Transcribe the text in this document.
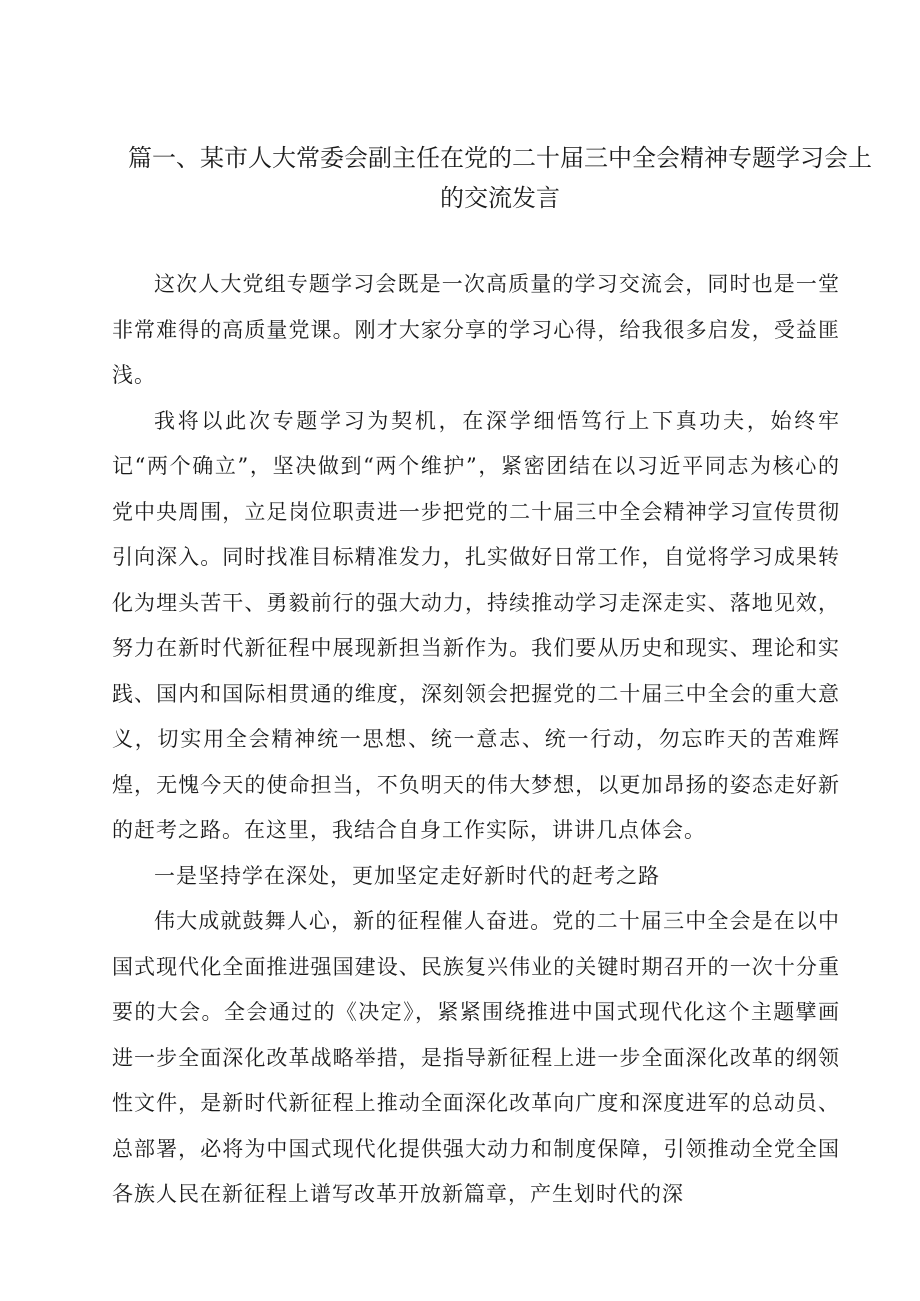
篇一、某市人大常委会副主任在党的二十届三中全会精神专题学习会上的交流发言

这次人大党组专题学习会既是一次高质量的学习交流会，同时也是一堂非常难得的高质量党课。刚才大家分享的学习心得，给我很多启发，受益匪浅。

我将以此次专题学习为契机，在深学细悟笃行上下真功夫，始终牢记“两个确立”，坚决做到“两个维护”，紧密团结在以习近平同志为核心的党中央周围，立足岗位职责进一步把党的二十届三中全会精神学习宣传贯彻引向深入。同时找准目标精准发力，扎实做好日常工作，自觉将学习成果转化为埋头苦干、勇毅前行的强大动力，持续推动学习走深走实、落地见效，努力在新时代新征程中展现新担当新作为。我们要从历史和现实、理论和实践、国内和国际相贯通的维度，深刻领会把握党的二十届三中全会的重大意义，切实用全会精神统一思想、统一意志、统一行动，勿忘昨天的苦难辉煌，无愧今天的使命担当，不负明天的伟大梦想，以更加昂扬的姿态走好新的赶考之路。在这里，我结合自身工作实际，讲讲几点体会。

一是坚持学在深处，更加坚定走好新时代的赶考之路

伟大成就鼓舞人心，新的征程催人奋进。党的二十届三中全会是在以中国式现代化全面推进强国建设、民族复兴伟业的关键时期召开的一次十分重要的大会。全会通过的《决定》，紧紧围绕推进中国式现代化这个主题擘画进一步全面深化改革战略举措，是指导新征程上进一步全面深化改革的纲领性文件，是新时代新征程上推动全面深化改革向广度和深度进军的总动员、总部署，必将为中国式现代化提供强大动力和制度保障，引领推动全党全国各族人民在新征程上谱写改革开放新篇章，产生划时代的深
